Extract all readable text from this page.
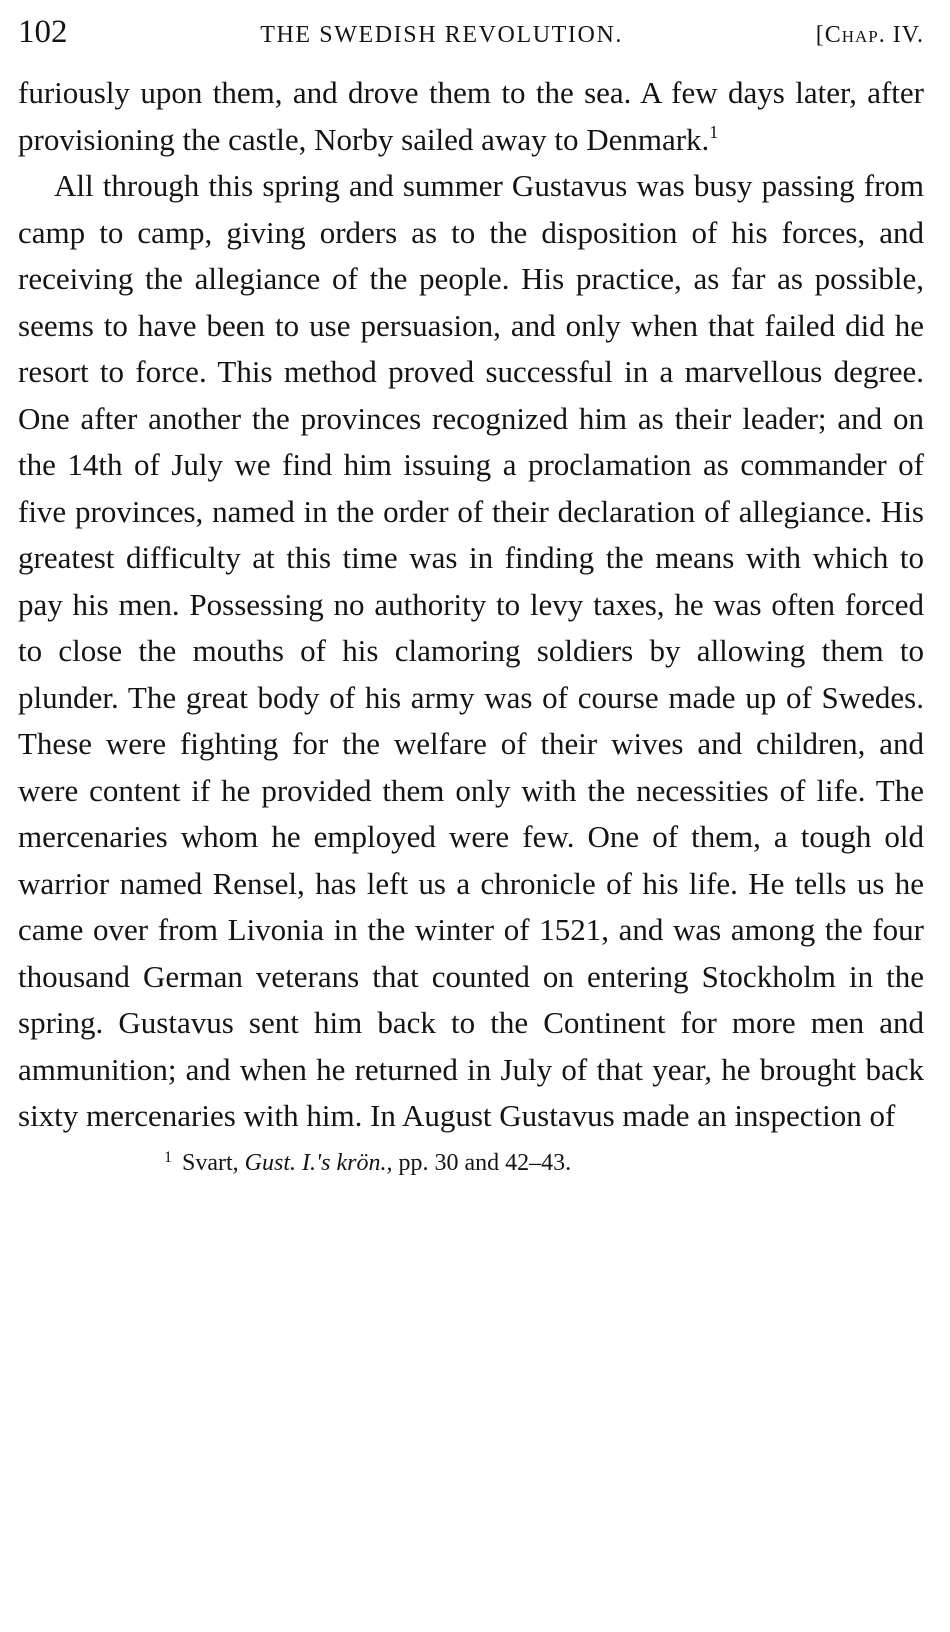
102	THE SWEDISH REVOLUTION.	[Chap. IV.

furiously upon them, and drove them to the sea. A few days later, after provisioning the castle, Norby sailed away to Denmark.$^1$

All through this spring and summer Gustavus was busy passing from camp to camp, giving orders as to the disposition of his forces, and receiving the allegiance of the people. His practice, as far as possible, seems to have been to use persuasion, and only when that failed did he resort to force. This method proved successful in a marvellous degree. One after another the provinces recognized him as their leader; and on the 14th of July we find him issuing a proclamation as commander of five provinces, named in the order of their declaration of allegiance. His greatest difficulty at this time was in finding the means with which to pay his men. Possessing no authority to levy taxes, he was often forced to close the mouths of his clamoring soldiers by allowing them to plunder. The great body of his army was of course made up of Swedes. These were fighting for the welfare of their wives and children, and were content if he provided them only with the necessities of life. The mercenaries whom he employed were few. One of them, a tough old warrior named Rensel, has left us a chronicle of his life. He tells us he came over from Livonia in the winter of 1521, and was among the four thousand German veterans that counted on entering Stockholm in the spring. Gustavus sent him back to the Continent for more men and ammunition; and when he returned in July of that year, he brought back sixty mercenaries with him. In August Gustavus made an inspection of

$^1$ Svart, Gust. I.'s krön., pp. 30 and 42–43.
